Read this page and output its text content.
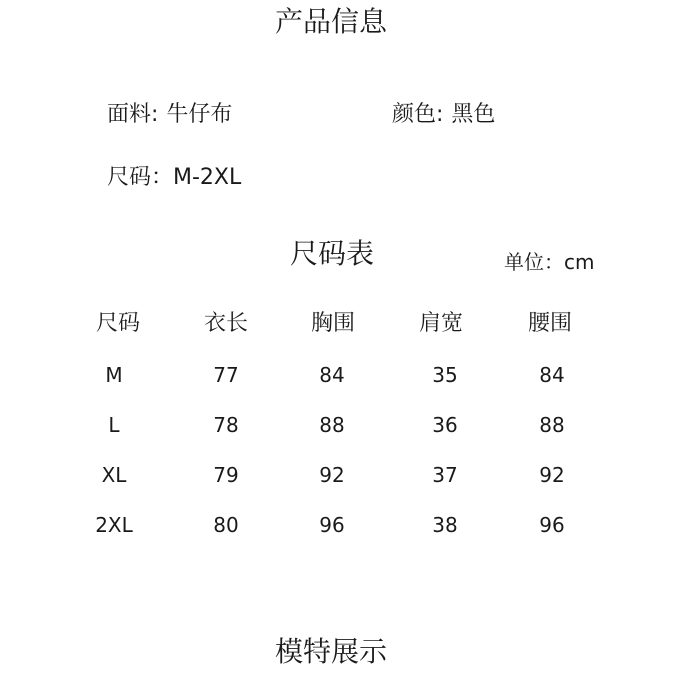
产品信息
面料: 牛仔布	颜色: 黑色
尺码：M-2XL
尺码表	单位：cm
尺码	衣长	胸围	肩宽	腰围
M	77	84	35	84
L	78	88	36	88
XL	79	92	37	92
2XL	80	96	38	96
模特展示
